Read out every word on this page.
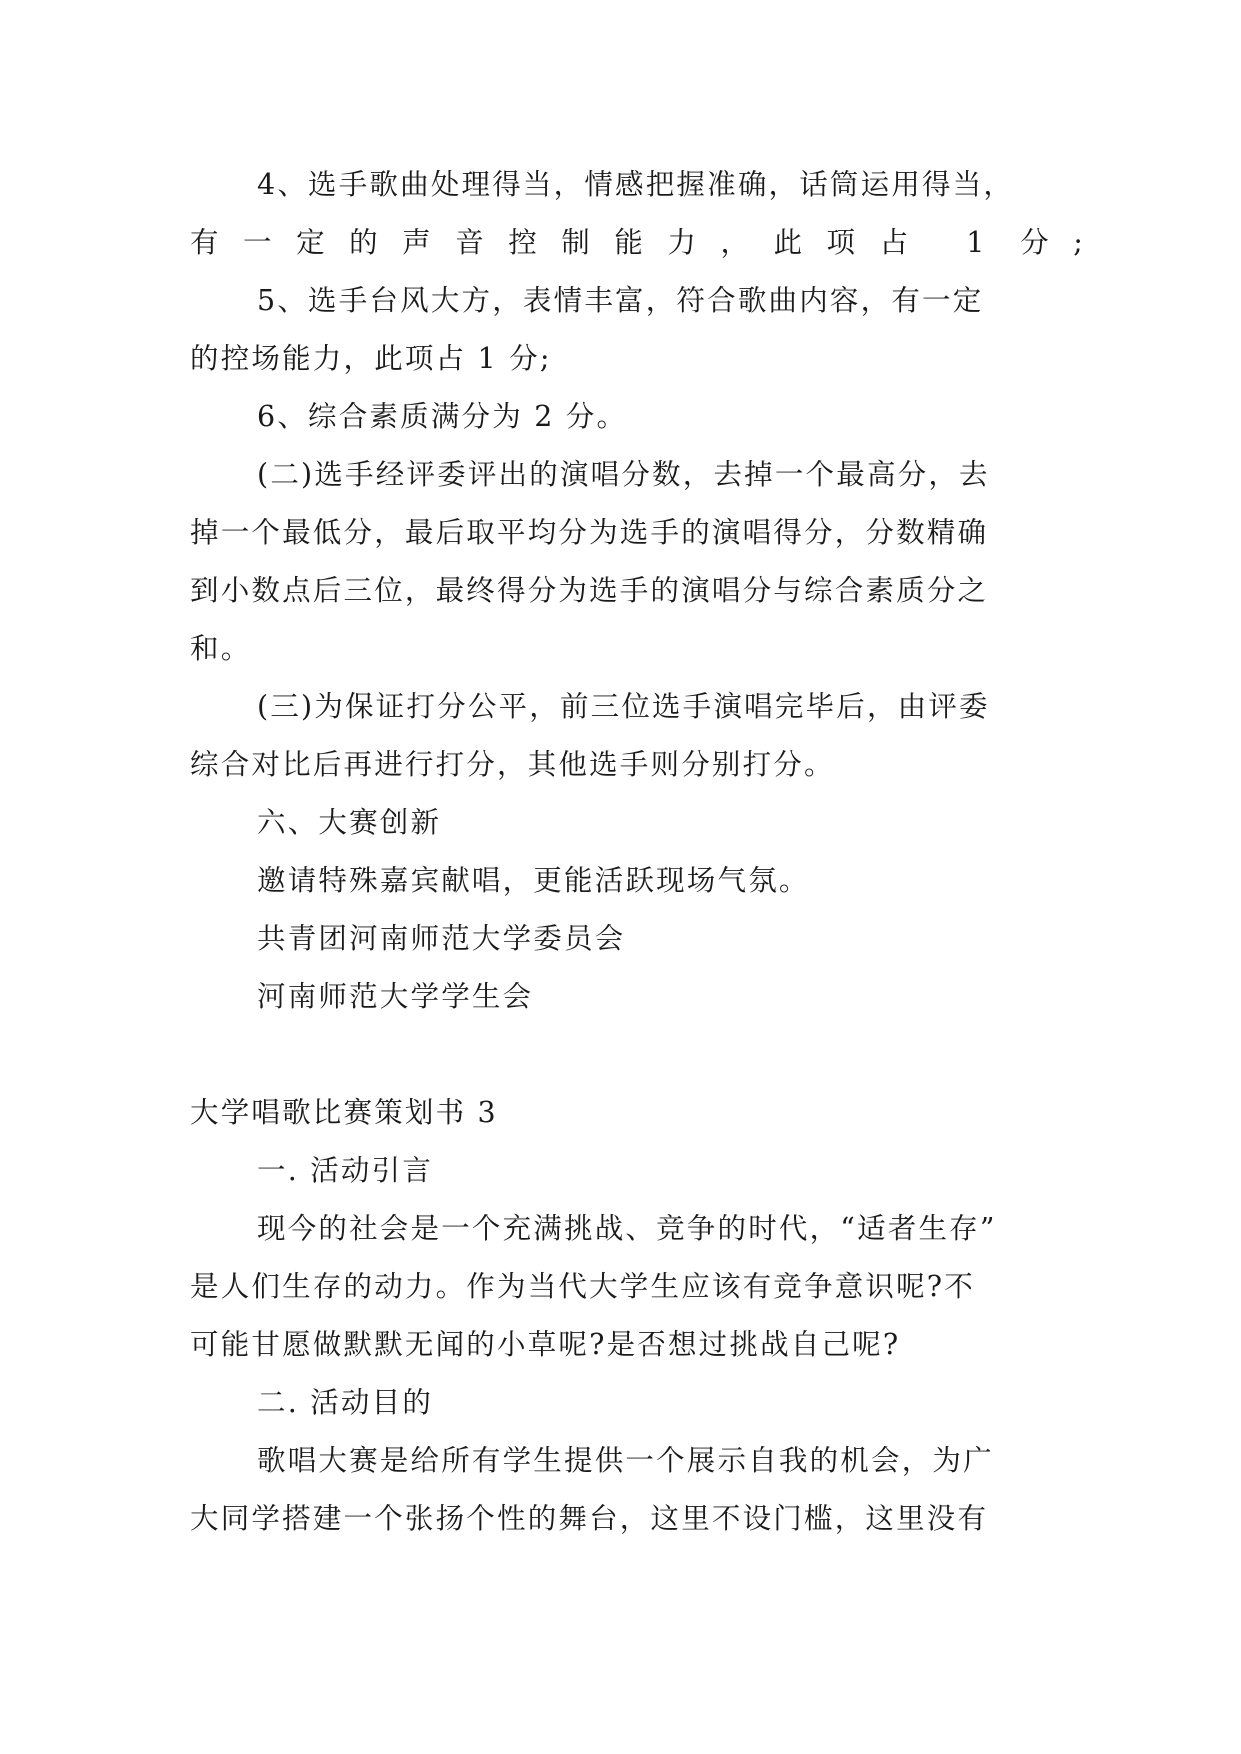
4、选手歌曲处理得当，情感把握准确，话筒运用得当，
有一定的声音控制能力，此项占 1 分;
5、选手台风大方，表情丰富，符合歌曲内容，有一定
的控场能力，此项占 1 分;
6、综合素质满分为 2 分。
(二)选手经评委评出的演唱分数，去掉一个最高分，去
掉一个最低分，最后取平均分为选手的演唱得分，分数精确
到小数点后三位，最终得分为选手的演唱分与综合素质分之
和。
(三)为保证打分公平，前三位选手演唱完毕后，由评委
综合对比后再进行打分，其他选手则分别打分。
六、大赛创新
邀请特殊嘉宾献唱，更能活跃现场气氛。
共青团河南师范大学委员会
河南师范大学学生会
大学唱歌比赛策划书 3
一. 活动引言
现今的社会是一个充满挑战、竞争的时代，“适者生存”
是人们生存的动力。作为当代大学生应该有竞争意识呢?不
可能甘愿做默默无闻的小草呢?是否想过挑战自己呢?
二. 活动目的
歌唱大赛是给所有学生提供一个展示自我的机会，为广
大同学搭建一个张扬个性的舞台，这里不设门槛，这里没有
